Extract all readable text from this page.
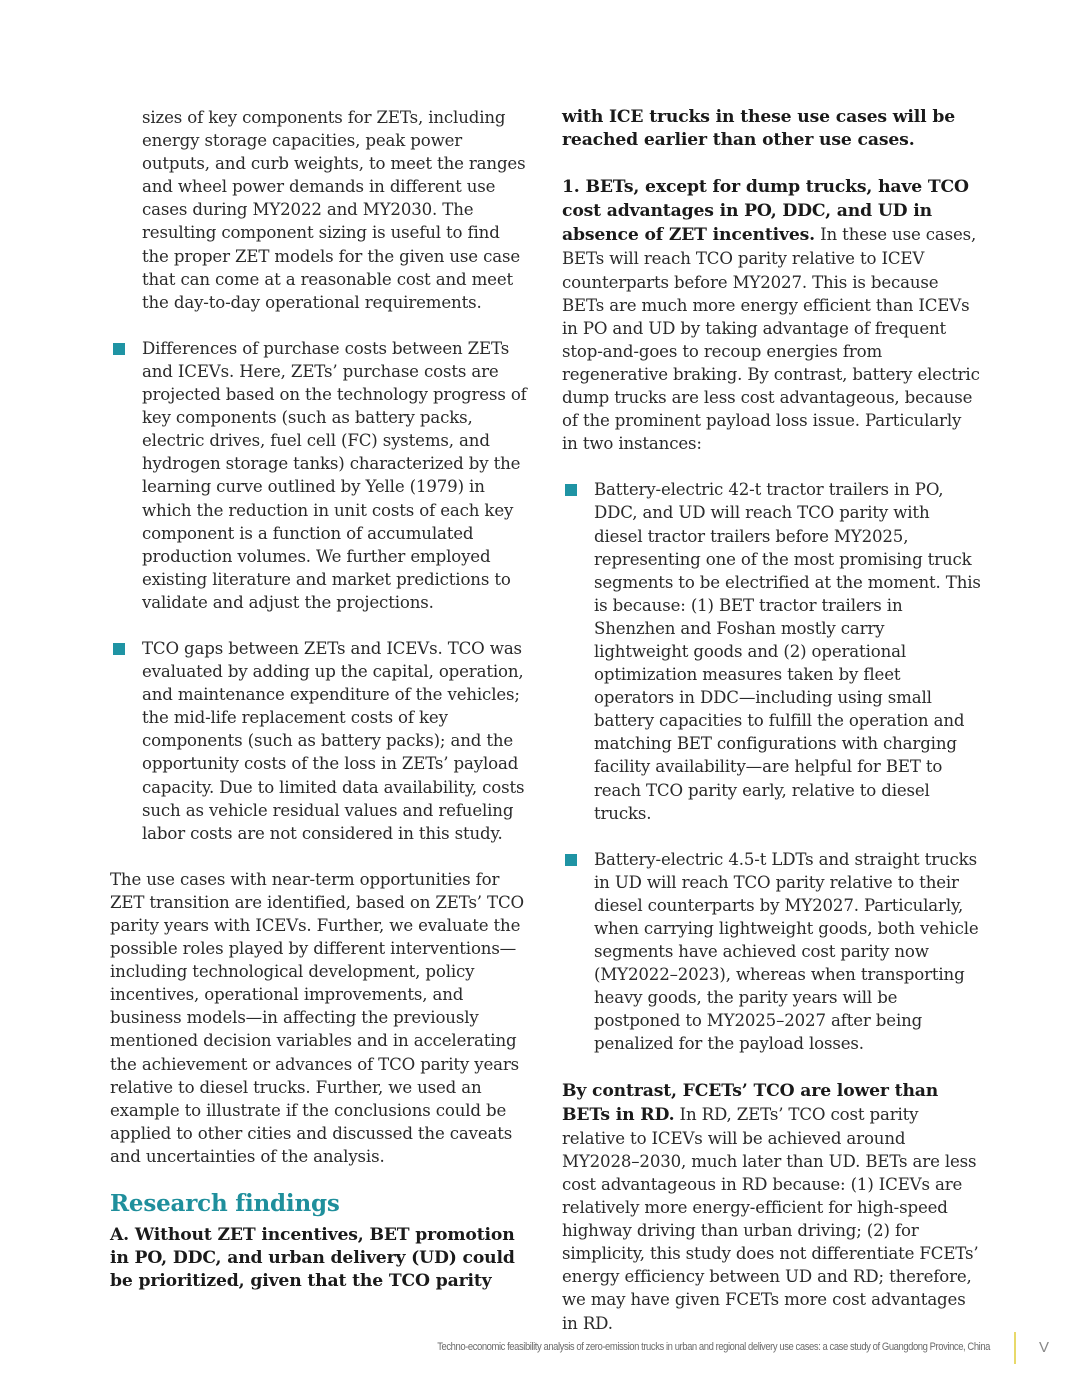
sizes of key components for ZETs, including energy storage capacities, peak power outputs, and curb weights, to meet the ranges and wheel power demands in different use cases during MY2022 and MY2030. The resulting component sizing is useful to find the proper ZET models for the given use case that can come at a reasonable cost and meet the day-to-day operational requirements.

Differences of purchase costs between ZETs and ICEVs. Here, ZETs’ purchase costs are projected based on the technology progress of key components (such as battery packs, electric drives, fuel cell (FC) systems, and hydrogen storage tanks) characterized by the learning curve outlined by Yelle (1979) in which the reduction in unit costs of each key component is a function of accumulated production volumes. We further employed existing literature and market predictions to validate and adjust the projections.

TCO gaps between ZETs and ICEVs. TCO was evaluated by adding up the capital, operation, and maintenance expenditure of the vehicles; the mid-life replacement costs of key components (such as battery packs); and the opportunity costs of the loss in ZETs’ payload capacity. Due to limited data availability, costs such as vehicle residual values and refueling labor costs are not considered in this study.

The use cases with near-term opportunities for ZET transition are identified, based on ZETs’ TCO parity years with ICEVs. Further, we evaluate the possible roles played by different interventions—including technological development, policy incentives, operational improvements, and business models—in affecting the previously mentioned decision variables and in accelerating the achievement or advances of TCO parity years relative to diesel trucks. Further, we used an example to illustrate if the conclusions could be applied to other cities and discussed the caveats and uncertainties of the analysis.

Research findings

A. Without ZET incentives, BET promotion in PO, DDC, and urban delivery (UD) could be prioritized, given that the TCO parity

with ICE trucks in these use cases will be reached earlier than other use cases.

1. BETs, except for dump trucks, have TCO cost advantages in PO, DDC, and UD in absence of ZET incentives. In these use cases, BETs will reach TCO parity relative to ICEV counterparts before MY2027. This is because BETs are much more energy efficient than ICEVs in PO and UD by taking advantage of frequent stop-and-goes to recoup energies from regenerative braking. By contrast, battery electric dump trucks are less cost advantageous, because of the prominent payload loss issue. Particularly in two instances:

Battery-electric 42-t tractor trailers in PO, DDC, and UD will reach TCO parity with diesel tractor trailers before MY2025, representing one of the most promising truck segments to be electrified at the moment. This is because: (1) BET tractor trailers in Shenzhen and Foshan mostly carry lightweight goods and (2) operational optimization measures taken by fleet operators in DDC—including using small battery capacities to fulfill the operation and matching BET configurations with charging facility availability—are helpful for BET to reach TCO parity early, relative to diesel trucks.

Battery-electric 4.5-t LDTs and straight trucks in UD will reach TCO parity relative to their diesel counterparts by MY2027. Particularly, when carrying lightweight goods, both vehicle segments have achieved cost parity now (MY2022–2023), whereas when transporting heavy goods, the parity years will be postponed to MY2025–2027 after being penalized for the payload losses.

By contrast, FCETs’ TCO are lower than BETs in RD. In RD, ZETs’ TCO cost parity relative to ICEVs will be achieved around MY2028–2030, much later than UD. BETs are less cost advantageous in RD because: (1) ICEVs are relatively more energy-efficient for high-speed highway driving than urban driving; (2) for simplicity, this study does not differentiate FCETs’ energy efficiency between UD and RD; therefore, we may have given FCETs more cost advantages in RD.

Techno-economic feasibility analysis of zero-emission trucks in urban and regional delivery use cases: a case study of Guangdong Province, China	V
